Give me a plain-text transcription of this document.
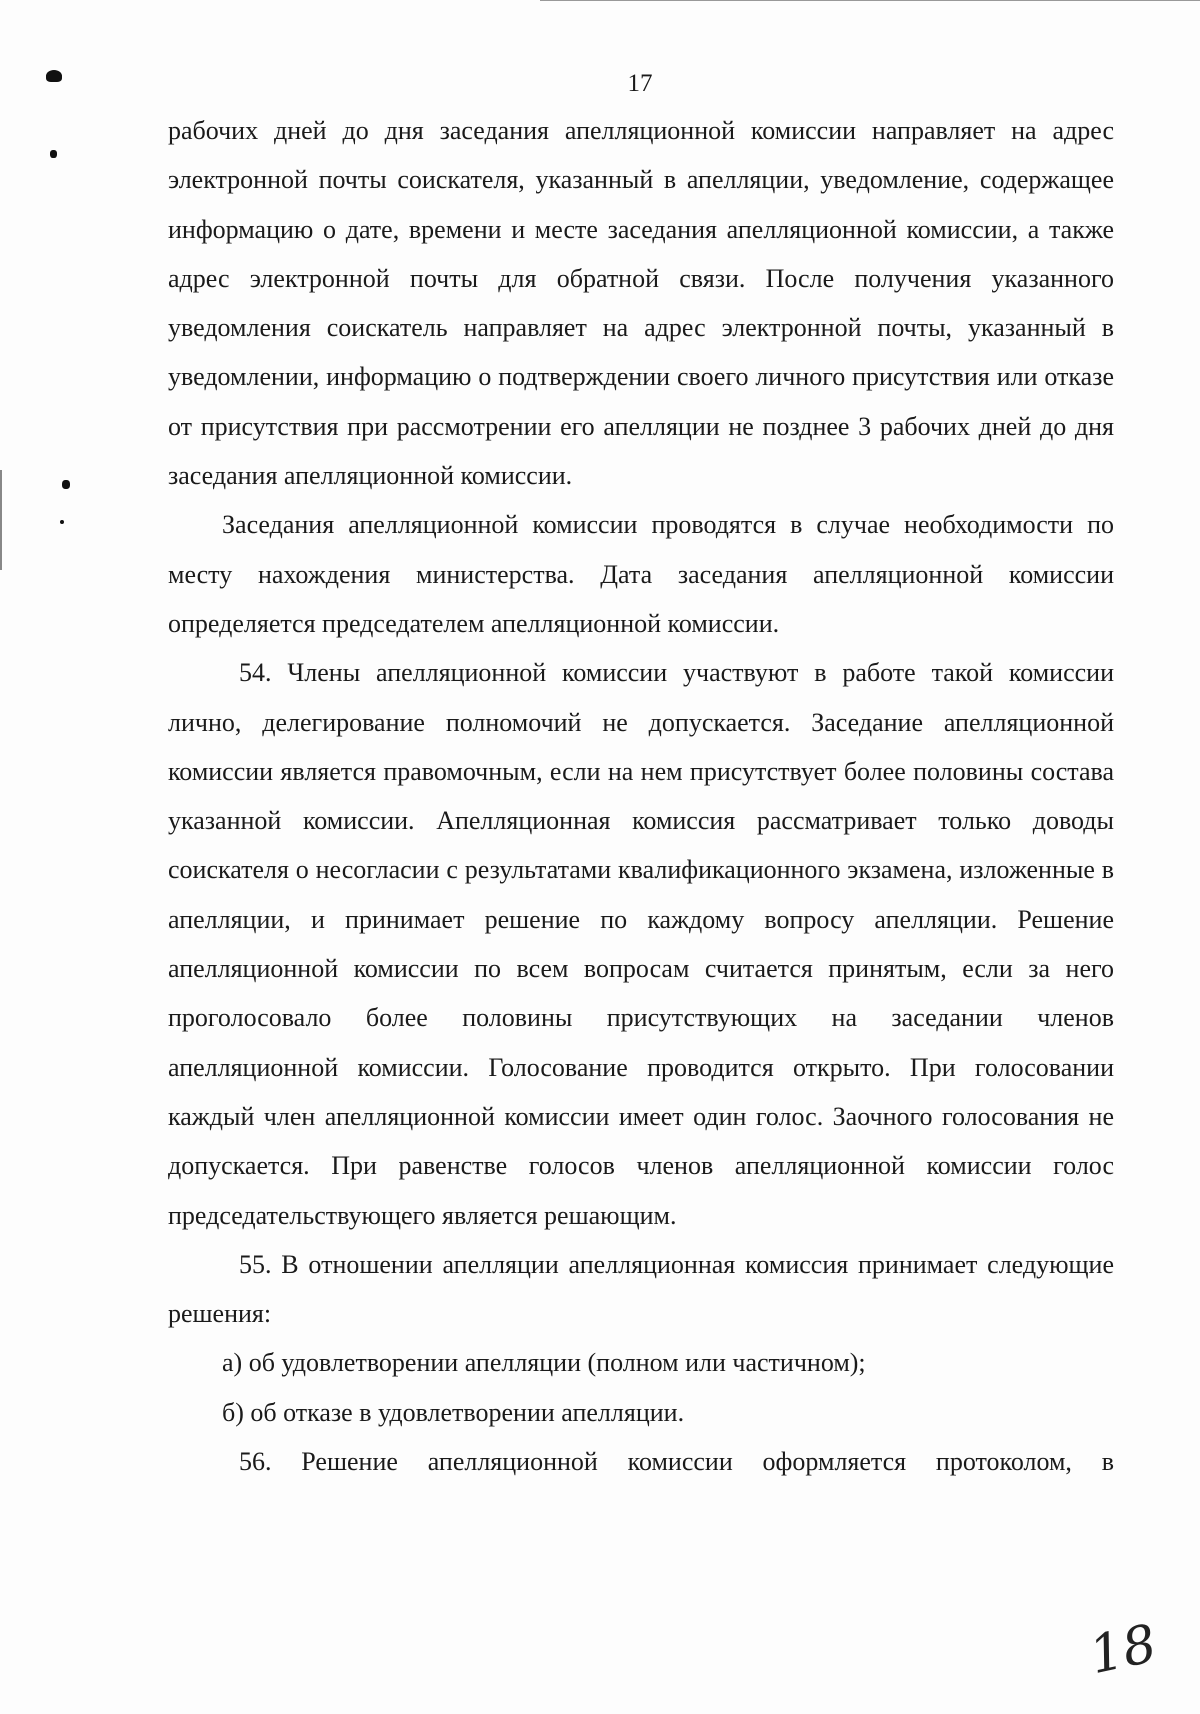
17

рабочих дней до дня заседания апелляционной комиссии направляет на адрес электронной почты соискателя, указанный в апелляции, уведомление, содержащее информацию о дате, времени и месте заседания апелляционной комиссии, а также адрес электронной почты для обратной связи. После получения указанного уведомления соискатель направляет на адрес электронной почты, указанный в уведомлении, информацию о подтверждении своего личного присутствия или отказе от присутствия при рассмотрении его апелляции не позднее 3 рабочих дней до дня заседания апелляционной комиссии.

Заседания апелляционной комиссии проводятся в случае необходимости по месту нахождения министерства. Дата заседания апелляционной комиссии определяется председателем апелляционной комиссии.

54. Члены апелляционной комиссии участвуют в работе такой комиссии лично, делегирование полномочий не допускается. Заседание апелляционной комиссии является правомочным, если на нем присутствует более половины состава указанной комиссии. Апелляционная комиссия рассматривает только доводы соискателя о несогласии с результатами квалификационного экзамена, изложенные в апелляции, и принимает решение по каждому вопросу апелляции. Решение апелляционной комиссии по всем вопросам считается принятым, если за него проголосовало более половины присутствующих на заседании членов апелляционной комиссии. Голосование проводится открыто. При голосовании каждый член апелляционной комиссии имеет один голос. Заочного голосования не допускается. При равенстве голосов членов апелляционной комиссии голос председательствующего является решающим.

55. В отношении апелляции апелляционная комиссия принимает следующие решения:

а) об удовлетворении апелляции (полном или частичном);

б) об отказе в удовлетворении апелляции.

56. Решение апелляционной комиссии оформляется протоколом, в

18
